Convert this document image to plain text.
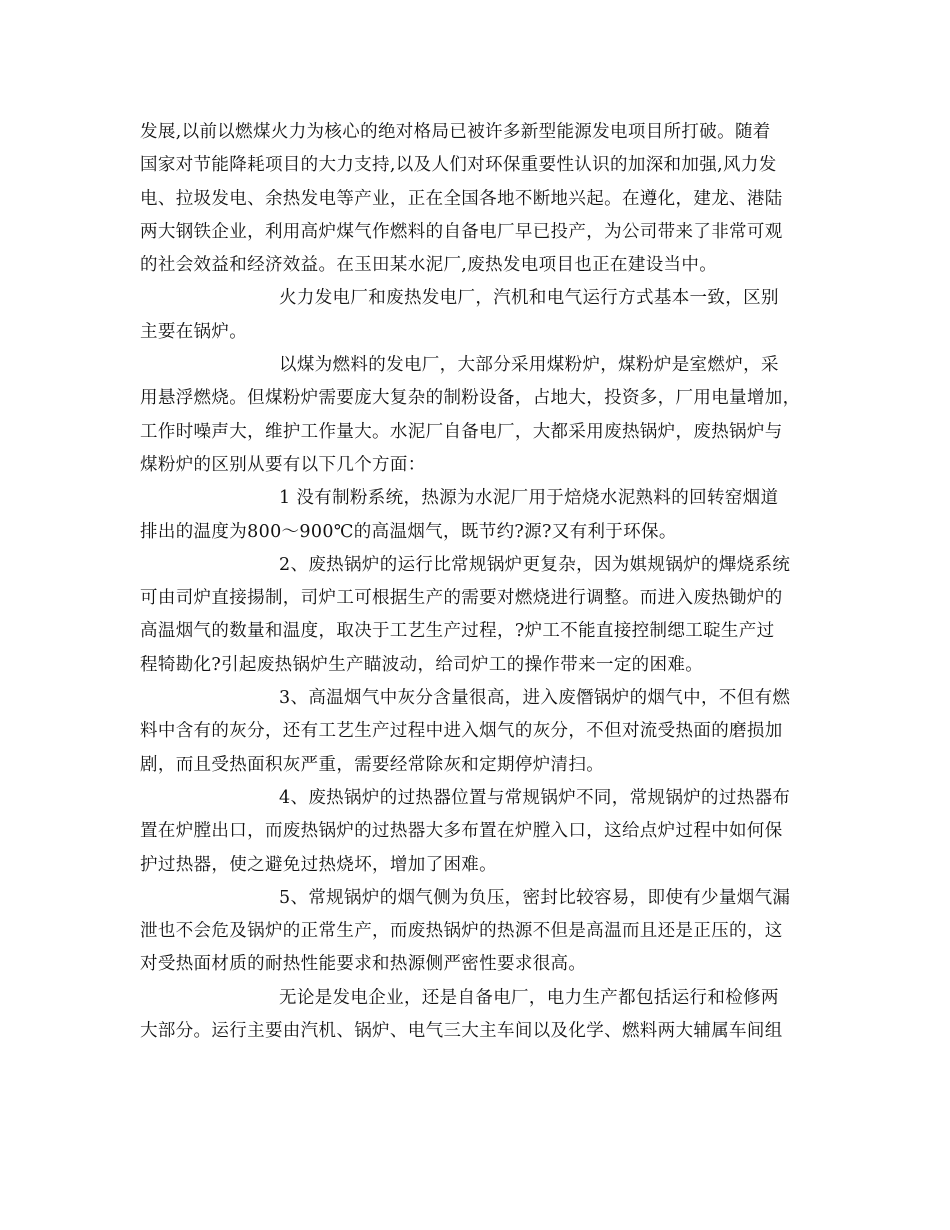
发展,以前以燃煤火力为核心的绝对格局已被许多新型能源发电项目所打破。随着
国家对节能降耗项目的大力支持,以及人们对环保重要性认识的加深和加强,风力发
电、拉圾发电、余热发电等产业，正在全国各地不断地兴起。在遵化，建龙、港陆
两大钢铁企业，利用高炉煤气作燃料的自备电厂早已投产，为公司带来了非常可观
的社会效益和经济效益。在玉田某水泥厂,废热发电项目也正在建设当中。
火力发电厂和废热发电厂，汽机和电气运行方式基本一致，区别
主要在锅炉。
以煤为燃料的发电厂，大部分采用煤粉炉，煤粉炉是室燃炉，采
用悬浮燃烧。但煤粉炉需要庞大复杂的制粉设备，占地大，投资多，厂用电量增加，
工作时噪声大，维护工作量大。水泥厂自备电厂，大都采用废热锅炉，废热锅炉与
煤粉炉的区别从要有以下几个方面：
1 没有制粉系统，热源为水泥厂用于焙烧水泥熟料的回转窑烟道
排出的温度为800～900℃的高温烟气，既节约?源?又有利于环保。
2、废热锅炉的运行比常规锅炉更复杂，因为娸规锅炉的熚烧系统
可由司炉直接揚制，司炉工可根据生产的需要对燃烧进行调整。而进入废热锄炉的
高温烟气的数量和温度，取决于工艺生产过程，?炉工不能直接控制缌工聢生产过
程犄勘化?引起废热锅炉生产瞄波动，给司炉工的操作带来一定的困难。
3、高温烟气中灰分含量很高，进入废僭锅炉的烟气中，不但有燃
料中含有的灰分，还有工艺生产过程中进入烟气的灰分，不但对流受热面的磨损加
剧，而且受热面积灰严重，需要经常除灰和定期停炉清扫。
4、废热锅炉的过热器位置与常规锅炉不同，常规锅炉的过热器布
置在炉膛出口，而废热锅炉的过热器大多布置在炉膛入口，这给点炉过程中如何保
护过热器，使之避免过热烧坏，增加了困难。
5、常规锅炉的烟气侧为负压，密封比较容易，即使有少量烟气漏
泄也不会危及锅炉的正常生产，而废热锅炉的热源不但是高温而且还是正压的，这
对受热面材质的耐热性能要求和热源侧严密性要求很高。
无论是发电企业，还是自备电厂，电力生产都包括运行和检修两
大部分。运行主要由汽机、锅炉、电气三大主车间以及化学、燃料两大辅属车间组
